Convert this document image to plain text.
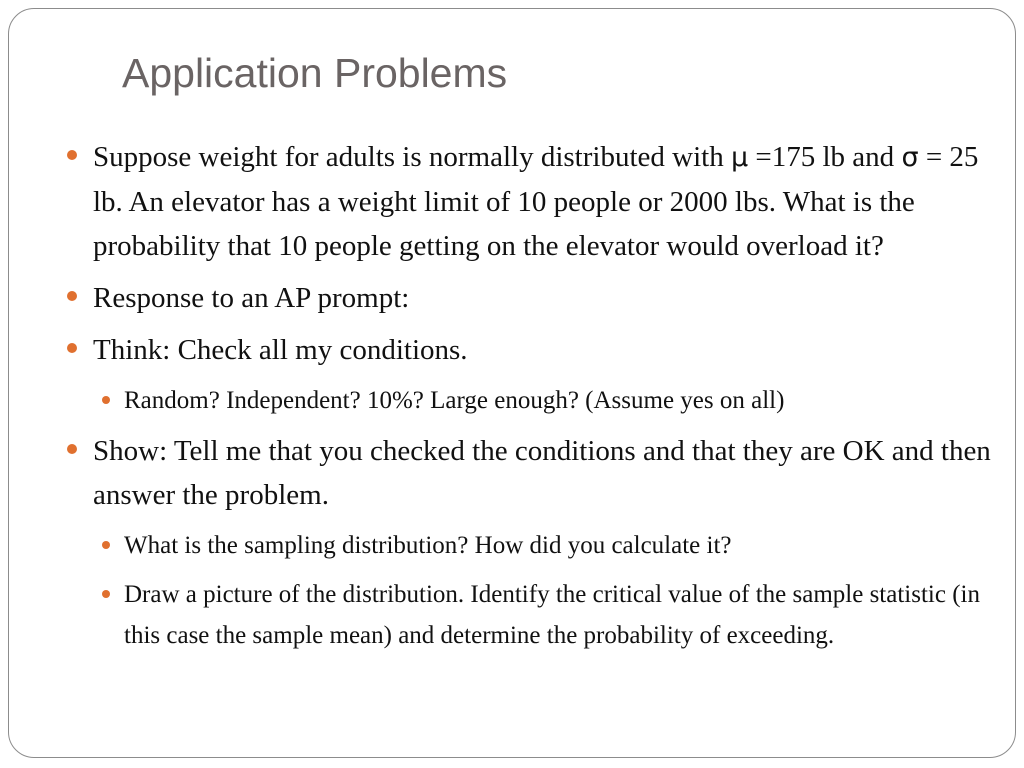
Application Problems
Suppose weight for adults is normally distributed with μ =175 lb and σ = 25 lb. An elevator has a weight limit of 10 people or 2000 lbs. What is the probability that 10 people getting on the elevator would overload it?
Response to an AP prompt:
Think: Check all my conditions.
Random? Independent? 10%? Large enough? (Assume yes on all)
Show: Tell me that you checked the conditions and that they are OK and then answer the problem.
What is the sampling distribution? How did you calculate it?
Draw a picture of the distribution. Identify the critical value of the sample statistic (in this case the sample mean) and determine the probability of exceeding.
